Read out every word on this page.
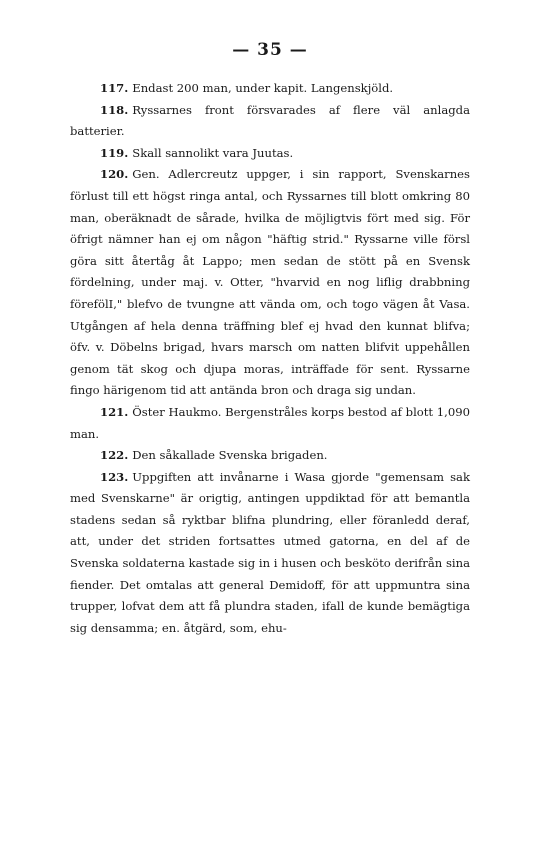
— 35 —

117. Endast 200 man, under kapit. Langenskjöld.

118. Ryssarnes front försvarades af flere väl anlagda batterier.

119. Skall sannolikt vara Juutas.

120. Gen. Adlercreutz uppger, i sin rapport, Svenskarnes förlust till ett högst ringa antal, och Ryssarnes till blott omkring 80 man, oberäknadt de sårade, hvilka de möjligtvis fört med sig. För öfrigt nämner han ej om någon "häftig strid." Ryssarne ville försl göra sitt återtåg åt Lappo; men sedan de stött på en Svensk fördelning, under maj. v. Otter, "hvarvid en nog liflig drabbning förefölI," blefvo de tvungne att vända om, och togo vägen åt Vasa. Utgången af hela denna träffning blef ej hvad den kunnat blifva; öfv. v. Döbelns brigad, hvars marsch om natten blifvit uppehållen genom tät skog och djupa moras, inträffade för sent. Ryssarne fingo härigenom tid att antända bron och draga sig undan.

121. Öster Haukmo. Bergenstråles korps bestod af blott 1,090 man.

122. Den såkallade Svenska brigaden.

123. Uppgiften att invånarne i Wasa gjorde "gemensam sak med Svenskarne" är origtig, antingen uppdiktad för att bemantla stadens sedan så ryktbar blifna plundring, eller föranledd deraf, att, under det striden fortsattes utmed gatorna, en del af de Svenska soldaterna kastade sig in i husen och besköto derifrån sina fiender. Det omtalas att general Demidoff, för att uppmuntra sina trupper, lofvat dem att få plundra staden, ifall de kunde bemägtiga sig densamma; en. åtgärd, som, ehu-
